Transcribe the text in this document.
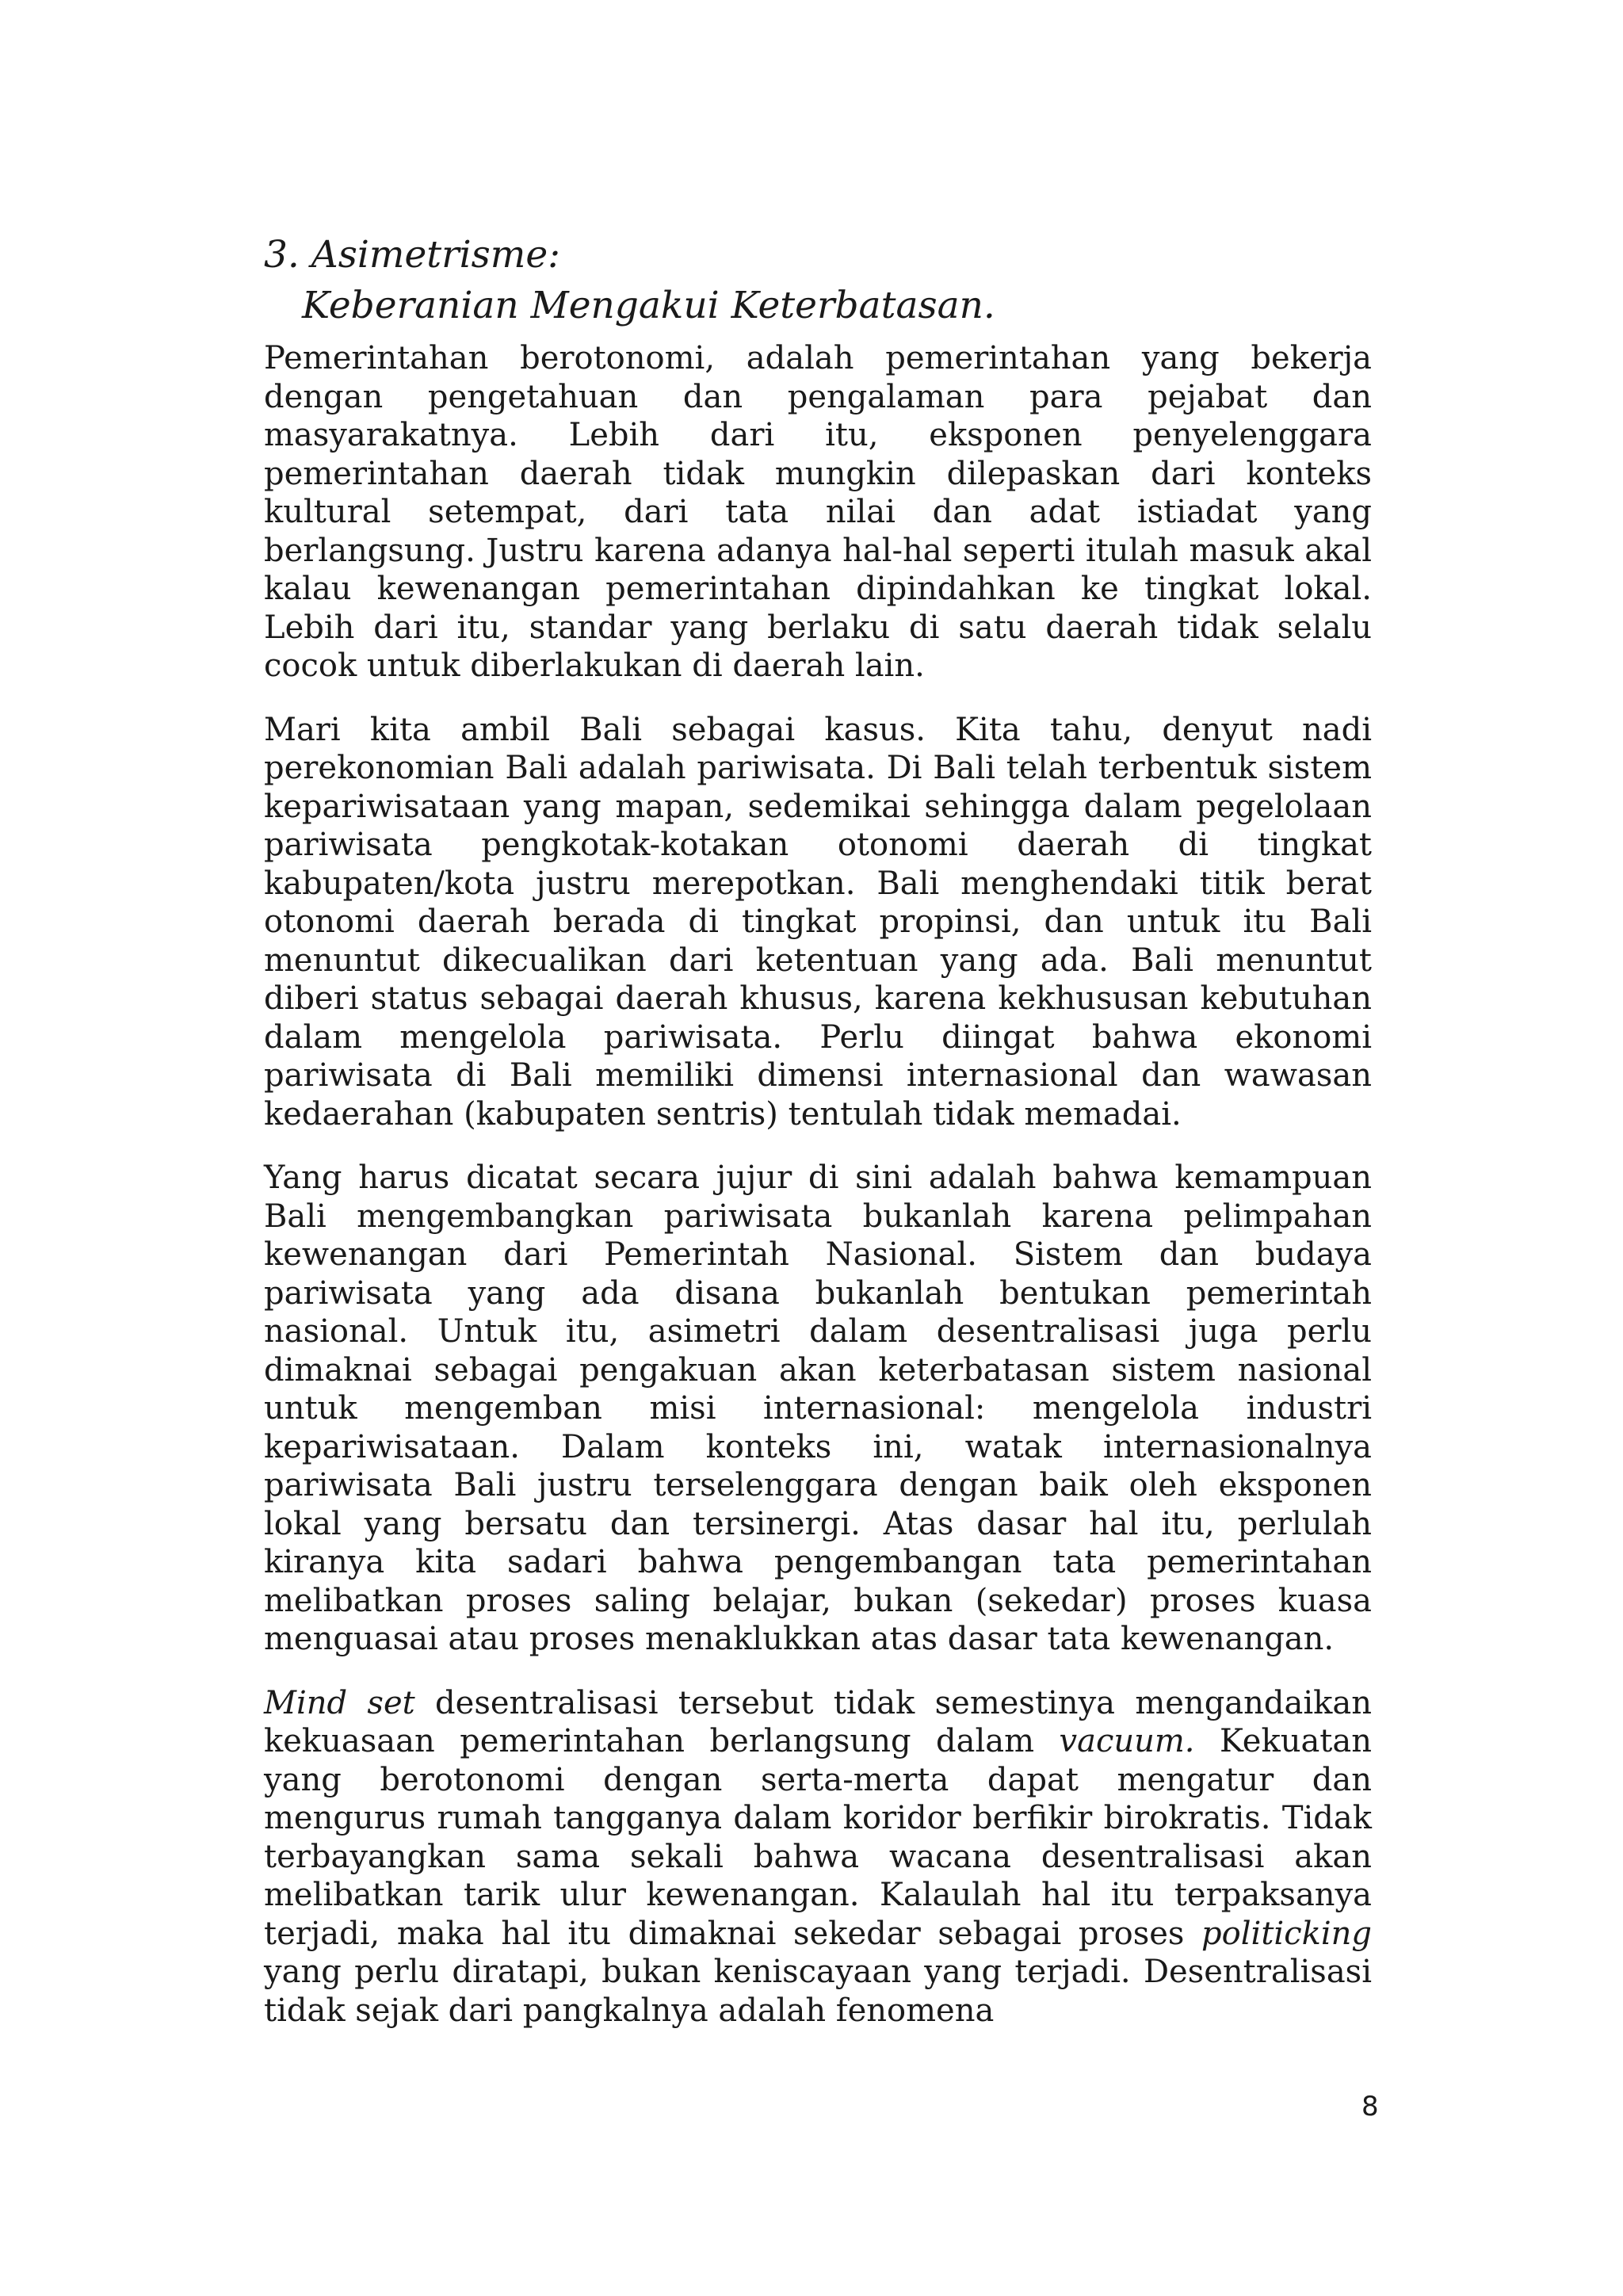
3. Asimetrisme:
Keberanian Mengakui Keterbatasan.

Pemerintahan berotonomi, adalah pemerintahan yang bekerja dengan pengetahuan dan pengalaman para pejabat dan masyarakatnya. Lebih dari itu, eksponen penyelenggara pemerintahan daerah tidak mungkin dilepaskan dari konteks kultural setempat, dari tata nilai dan adat istiadat yang berlangsung. Justru karena adanya hal-hal seperti itulah masuk akal kalau kewenangan pemerintahan dipindahkan ke tingkat lokal. Lebih dari itu, standar yang berlaku di satu daerah tidak selalu cocok untuk diberlakukan di daerah lain.

Mari kita ambil Bali sebagai kasus. Kita tahu, denyut nadi perekonomian Bali adalah pariwisata. Di Bali telah terbentuk sistem kepariwisataan yang mapan, sedemikai sehingga dalam pegelolaan pariwisata pengkotak-kotakan otonomi daerah di tingkat kabupaten/kota justru merepotkan. Bali menghendaki titik berat otonomi daerah berada di tingkat propinsi, dan untuk itu Bali menuntut dikecualikan dari ketentuan yang ada. Bali menuntut diberi status sebagai daerah khusus, karena kekhususan kebutuhan dalam mengelola pariwisata. Perlu diingat bahwa ekonomi pariwisata di Bali memiliki dimensi internasional dan wawasan kedaerahan (kabupaten sentris) tentulah tidak memadai.

Yang harus dicatat secara jujur di sini adalah bahwa kemampuan Bali mengembangkan pariwisata bukanlah karena pelimpahan kewenangan dari Pemerintah Nasional. Sistem dan budaya pariwisata yang ada disana bukanlah bentukan pemerintah nasional. Untuk itu, asimetri dalam desentralisasi juga perlu dimaknai sebagai pengakuan akan keterbatasan sistem nasional untuk mengemban misi internasional: mengelola industri kepariwisataan. Dalam konteks ini, watak internasionalnya pariwisata Bali justru terselenggara dengan baik oleh eksponen lokal yang bersatu dan tersinergi. Atas dasar hal itu, perlulah kiranya kita sadari bahwa pengembangan tata pemerintahan melibatkan proses saling belajar, bukan (sekedar) proses kuasa menguasai atau proses menaklukkan atas dasar tata kewenangan.

Mind set desentralisasi tersebut tidak semestinya mengandaikan kekuasaan pemerintahan berlangsung dalam vacuum. Kekuatan yang berotonomi dengan serta-merta dapat mengatur dan mengurus rumah tangganya dalam koridor berfikir birokratis. Tidak terbayangkan sama sekali bahwa wacana desentralisasi akan melibatkan tarik ulur kewenangan. Kalaulah hal itu terpaksanya terjadi, maka hal itu dimaknai sekedar sebagai proses politicking yang perlu diratapi, bukan keniscayaan yang terjadi. Desentralisasi tidak sejak dari pangkalnya adalah fenomena

8
